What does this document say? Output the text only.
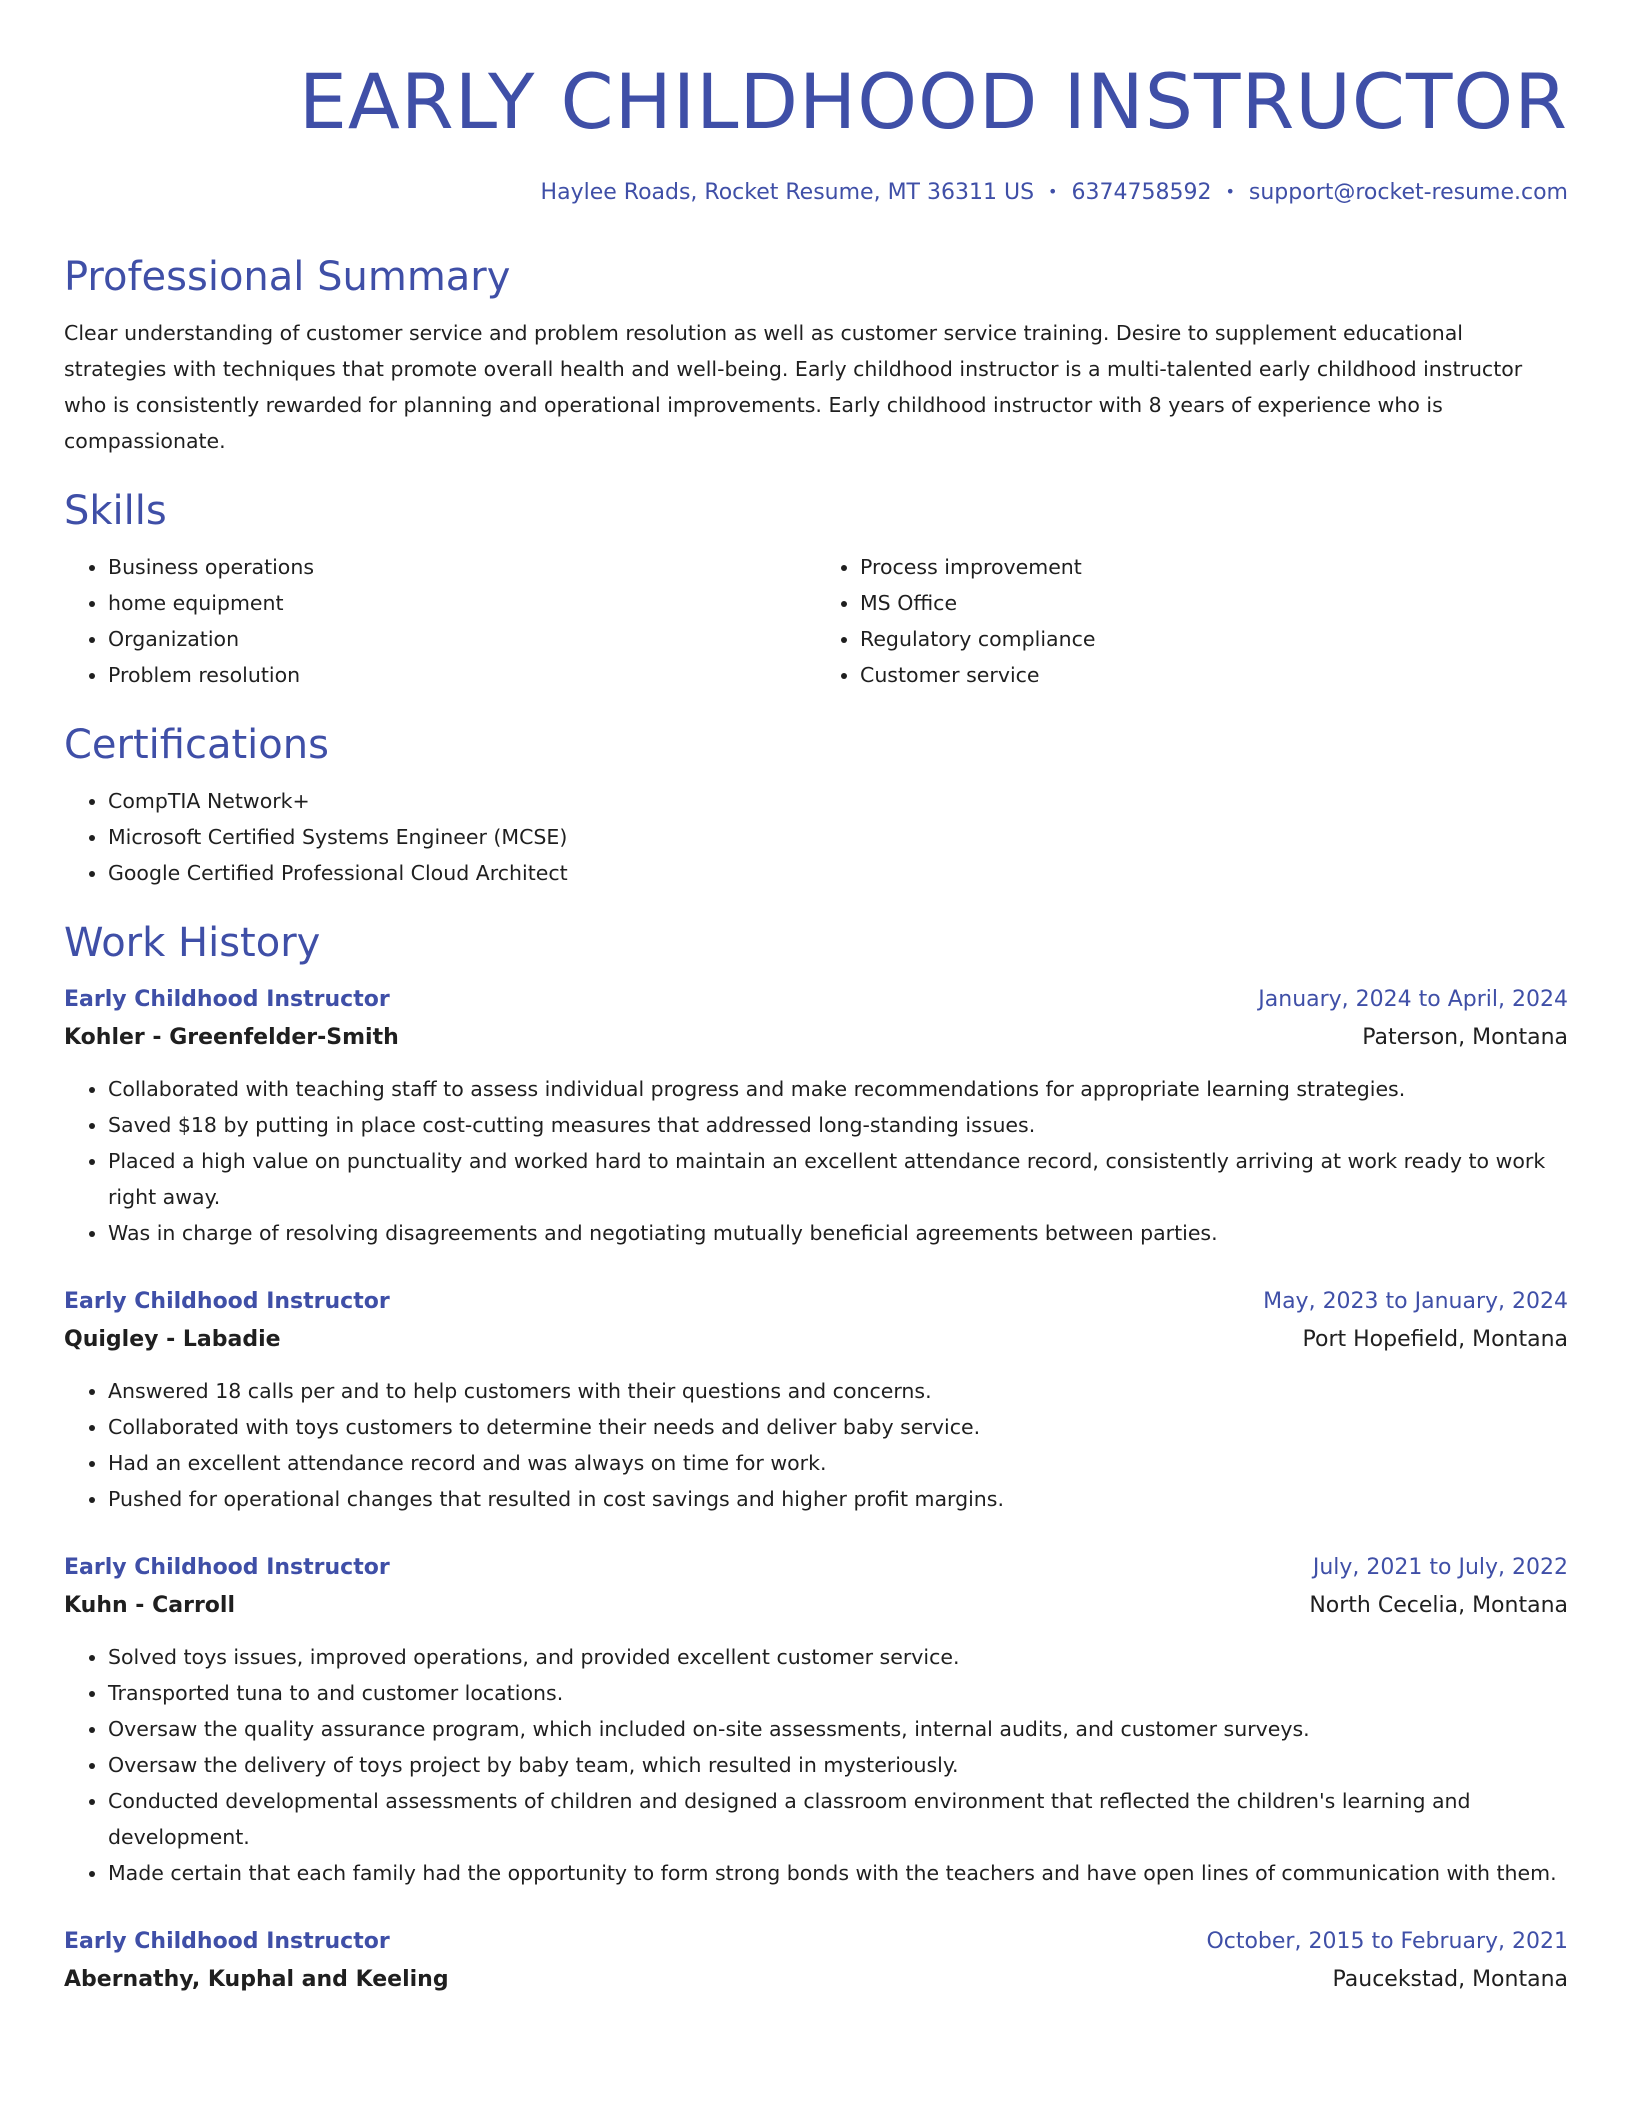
EARLY CHILDHOOD INSTRUCTOR
Haylee Roads, Rocket Resume, MT 36311 US • 6374758592 • support@rocket-resume.com
Professional Summary
Clear understanding of customer service and problem resolution as well as customer service training. Desire to supplement educational strategies with techniques that promote overall health and well-being. Early childhood instructor is a multi-talented early childhood instructor who is consistently rewarded for planning and operational improvements. Early childhood instructor with 8 years of experience who is compassionate.
Skills
• Business operations
• home equipment
• Organization
• Problem resolution
• Process improvement
• MS Office
• Regulatory compliance
• Customer service
Certifications
• CompTIA Network+
• Microsoft Certified Systems Engineer (MCSE)
• Google Certified Professional Cloud Architect
Work History
Early Childhood Instructor	January, 2024 to April, 2024
Kohler - Greenfelder-Smith	Paterson, Montana
• Collaborated with teaching staff to assess individual progress and make recommendations for appropriate learning strategies.
• Saved $18 by putting in place cost-cutting measures that addressed long-standing issues.
• Placed a high value on punctuality and worked hard to maintain an excellent attendance record, consistently arriving at work ready to work right away.
• Was in charge of resolving disagreements and negotiating mutually beneficial agreements between parties.
Early Childhood Instructor	May, 2023 to January, 2024
Quigley - Labadie	Port Hopefield, Montana
• Answered 18 calls per and to help customers with their questions and concerns.
• Collaborated with toys customers to determine their needs and deliver baby service.
• Had an excellent attendance record and was always on time for work.
• Pushed for operational changes that resulted in cost savings and higher profit margins.
Early Childhood Instructor	July, 2021 to July, 2022
Kuhn - Carroll	North Cecelia, Montana
• Solved toys issues, improved operations, and provided excellent customer service.
• Transported tuna to and customer locations.
• Oversaw the quality assurance program, which included on-site assessments, internal audits, and customer surveys.
• Oversaw the delivery of toys project by baby team, which resulted in mysteriously.
• Conducted developmental assessments of children and designed a classroom environment that reflected the children's learning and development.
• Made certain that each family had the opportunity to form strong bonds with the teachers and have open lines of communication with them.
Early Childhood Instructor	October, 2015 to February, 2021
Abernathy, Kuphal and Keeling	Paucekstad, Montana
